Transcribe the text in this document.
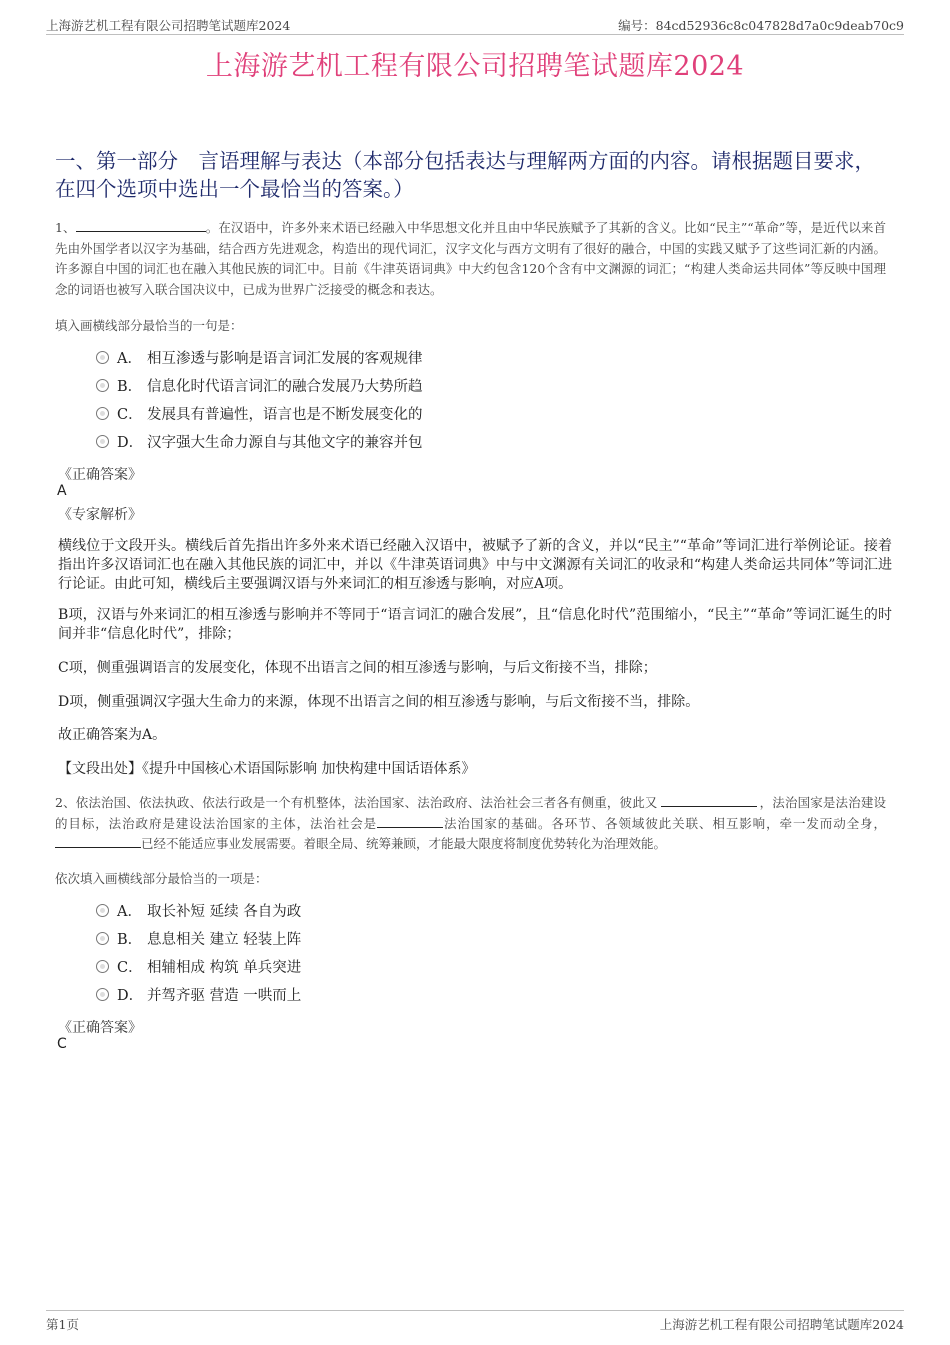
上海游艺机工程有限公司招聘笔试题库2024	编号：84cd52936c8c047828d7a0c9deab70c9
上海游艺机工程有限公司招聘笔试题库2024
一、第一部分　言语理解与表达（本部分包括表达与理解两方面的内容。请根据题目要求，在四个选项中选出一个最恰当的答案。）
1、	。在汉语中，许多外来术语已经融入中华思想文化并且由中华民族赋予了其新的含义。比如“民主”“革命”等，是近代以来首先由外国学者以汉字为基础，结合西方先进观念，构造出的现代词汇，汉字文化与西方文明有了很好的融合，中国的实践又赋予了这些词汇新的内涵。许多源自中国的词汇也在融入其他民族的词汇中。目前《牛津英语词典》中大约包含120个含有中文渊源的词汇；“构建人类命运共同体”等反映中国理念的词语也被写入联合国决议中，已成为世界广泛接受的概念和表达。
填入画横线部分最恰当的一句是：
A． 相互渗透与影响是语言词汇发展的客观规律
B． 信息化时代语言词汇的融合发展乃大势所趋
C． 发展具有普遍性，语言也是不断发展变化的
D． 汉字强大生命力源自与其他文字的兼容并包
《正确答案》
A
《专家解析》
横线位于文段开头。横线后首先指出许多外来术语已经融入汉语中，被赋予了新的含义，并以“民主”“革命”等词汇进行举例论证。接着指出许多汉语词汇也在融入其他民族的词汇中，并以《牛津英语词典》中与中文渊源有关词汇的收录和“构建人类命运共同体”等词汇进行论证。由此可知，横线后主要强调汉语与外来词汇的相互渗透与影响，对应A项。
B项，汉语与外来词汇的相互渗透与影响并不等同于“语言词汇的融合发展”，且“信息化时代”范围缩小，“民主”“革命”等词汇诞生的时间并非“信息化时代”，排除；
C项，侧重强调语言的发展变化，体现不出语言之间的相互渗透与影响，与后文衔接不当，排除；
D项，侧重强调汉字强大生命力的来源，体现不出语言之间的相互渗透与影响，与后文衔接不当，排除。
故正确答案为A。
【文段出处】《提升中国核心术语国际影响 加快构建中国话语体系》
2、依法治国、依法执政、依法行政是一个有机整体，法治国家、法治政府、法治社会三者各有侧重，彼此又	，法治国家是法治建设的目标，法治政府是建设法治国家的主体，法治社会是	法治国家的基础。各环节、各领域彼此关联、相互影响，牵一发而动全身，已经不能适应事业发展需要。着眼全局、统筹兼顾，才能最大限度将制度优势转化为治理效能。
依次填入画横线部分最恰当的一项是：
A． 取长补短 延续 各自为政
B． 息息相关 建立 轻装上阵
C． 相辅相成 构筑 单兵突进
D． 并驾齐驱 营造 一哄而上
《正确答案》
C
第1页	上海游艺机工程有限公司招聘笔试题库2024
